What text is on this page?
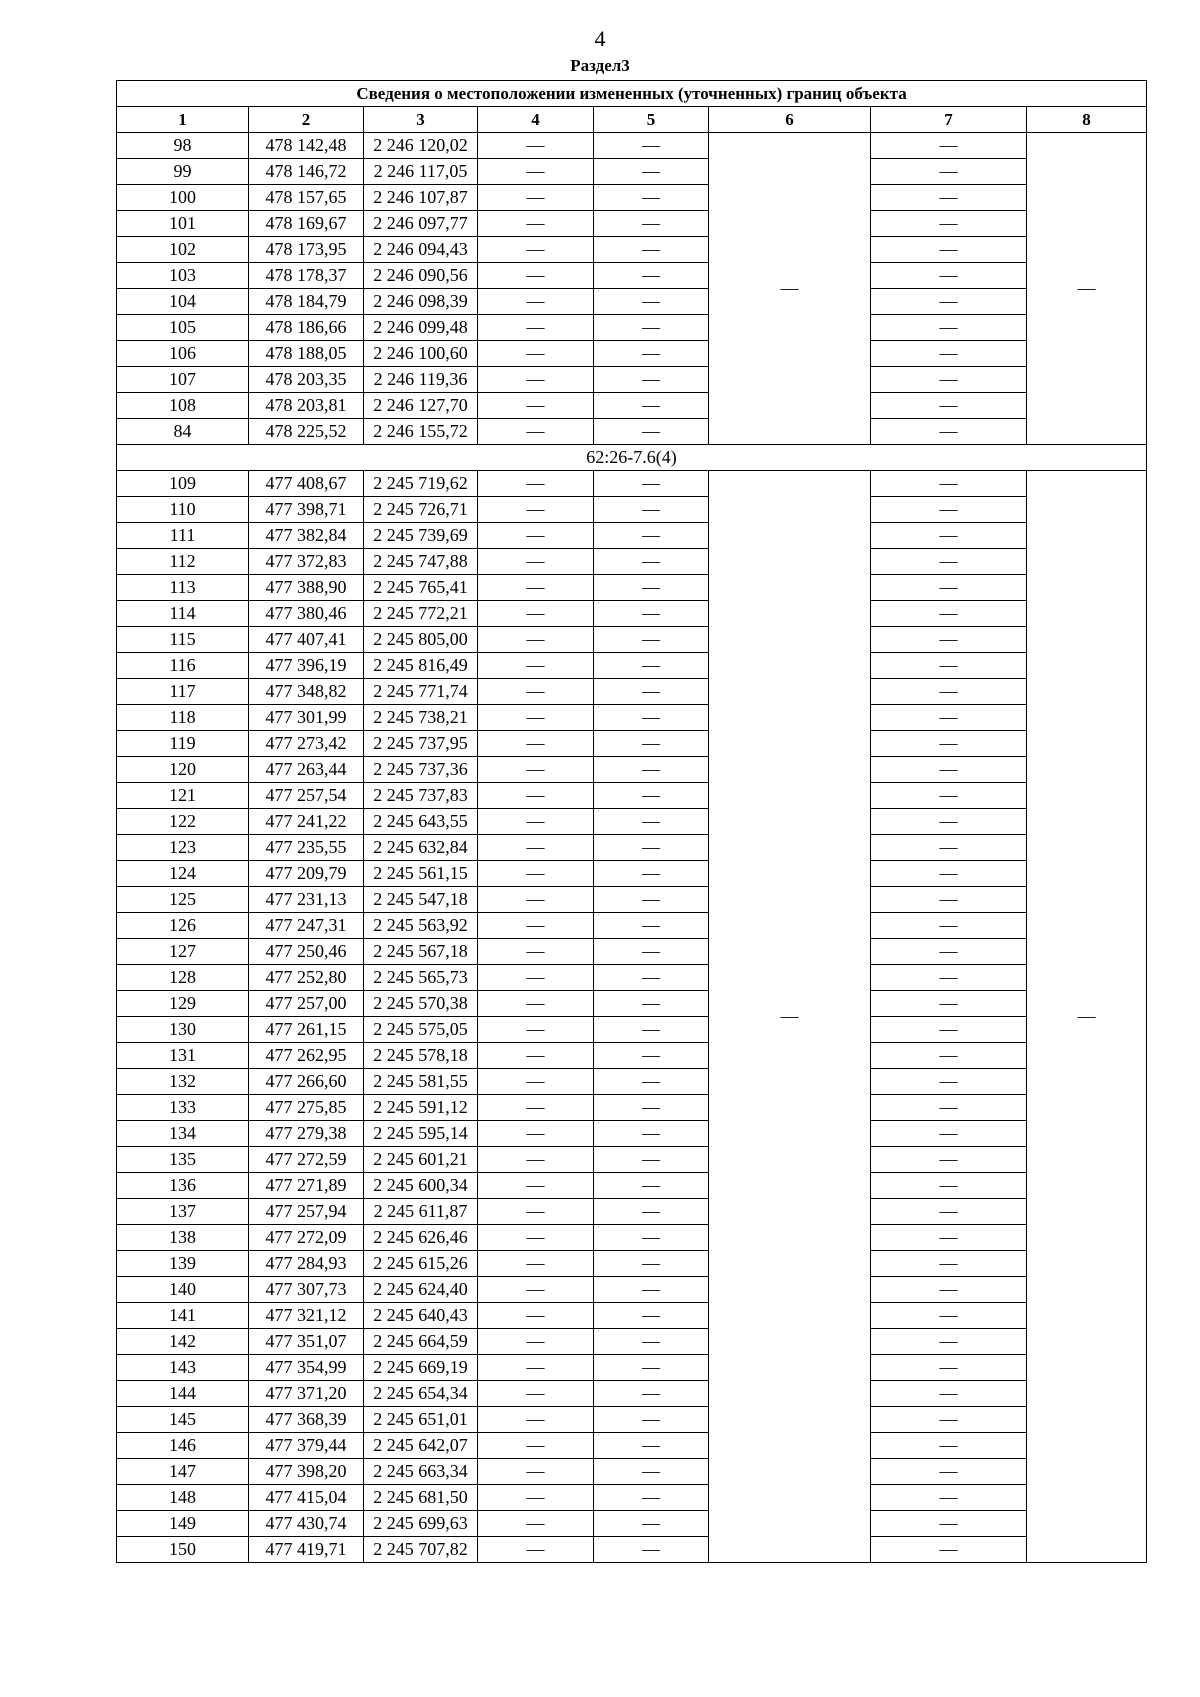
4
Раздел3
Сведения о местоположении измененных (уточненных) границ объекта							
1	2	3	4	5	6	7	8
98	478 142,48	2 246 120,02	—	—	—	—	—
99	478 146,72	2 246 117,05	—	—		—	
100	478 157,65	2 246 107,87	—	—		—	
101	478 169,67	2 246 097,77	—	—		—	
102	478 173,95	2 246 094,43	—	—		—	
103	478 178,37	2 246 090,56	—	—		—	
104	478 184,79	2 246 098,39	—	—		—	
105	478 186,66	2 246 099,48	—	—		—	
106	478 188,05	2 246 100,60	—	—		—	
107	478 203,35	2 246 119,36	—	—		—	
108	478 203,81	2 246 127,70	—	—		—	
84	478 225,52	2 246 155,72	—	—		—	
62:26-7.6(4)							
109	477 408,67	2 245 719,62	—	—	—	—	—
110	477 398,71	2 245 726,71	—	—		—	
111	477 382,84	2 245 739,69	—	—		—	
112	477 372,83	2 245 747,88	—	—		—	
113	477 388,90	2 245 765,41	—	—		—	
114	477 380,46	2 245 772,21	—	—		—	
115	477 407,41	2 245 805,00	—	—		—	
116	477 396,19	2 245 816,49	—	—		—	
117	477 348,82	2 245 771,74	—	—		—	
118	477 301,99	2 245 738,21	—	—		—	
119	477 273,42	2 245 737,95	—	—		—	
120	477 263,44	2 245 737,36	—	—		—	
121	477 257,54	2 245 737,83	—	—		—	
122	477 241,22	2 245 643,55	—	—		—	
123	477 235,55	2 245 632,84	—	—		—	
124	477 209,79	2 245 561,15	—	—		—	
125	477 231,13	2 245 547,18	—	—		—	
126	477 247,31	2 245 563,92	—	—		—	
127	477 250,46	2 245 567,18	—	—		—	
128	477 252,80	2 245 565,73	—	—		—	
129	477 257,00	2 245 570,38	—	—		—	
130	477 261,15	2 245 575,05	—	—		—	
131	477 262,95	2 245 578,18	—	—		—	
132	477 266,60	2 245 581,55	—	—		—	
133	477 275,85	2 245 591,12	—	—		—	
134	477 279,38	2 245 595,14	—	—		—	
135	477 272,59	2 245 601,21	—	—		—	
136	477 271,89	2 245 600,34	—	—		—	
137	477 257,94	2 245 611,87	—	—		—	
138	477 272,09	2 245 626,46	—	—		—	
139	477 284,93	2 245 615,26	—	—		—	
140	477 307,73	2 245 624,40	—	—		—	
141	477 321,12	2 245 640,43	—	—		—	
142	477 351,07	2 245 664,59	—	—		—	
143	477 354,99	2 245 669,19	—	—		—	
144	477 371,20	2 245 654,34	—	—		—	
145	477 368,39	2 245 651,01	—	—		—	
146	477 379,44	2 245 642,07	—	—		—	
147	477 398,20	2 245 663,34	—	—		—	
148	477 415,04	2 245 681,50	—	—		—	
149	477 430,74	2 245 699,63	—	—		—	
150	477 419,71	2 245 707,82	—	—		—	
